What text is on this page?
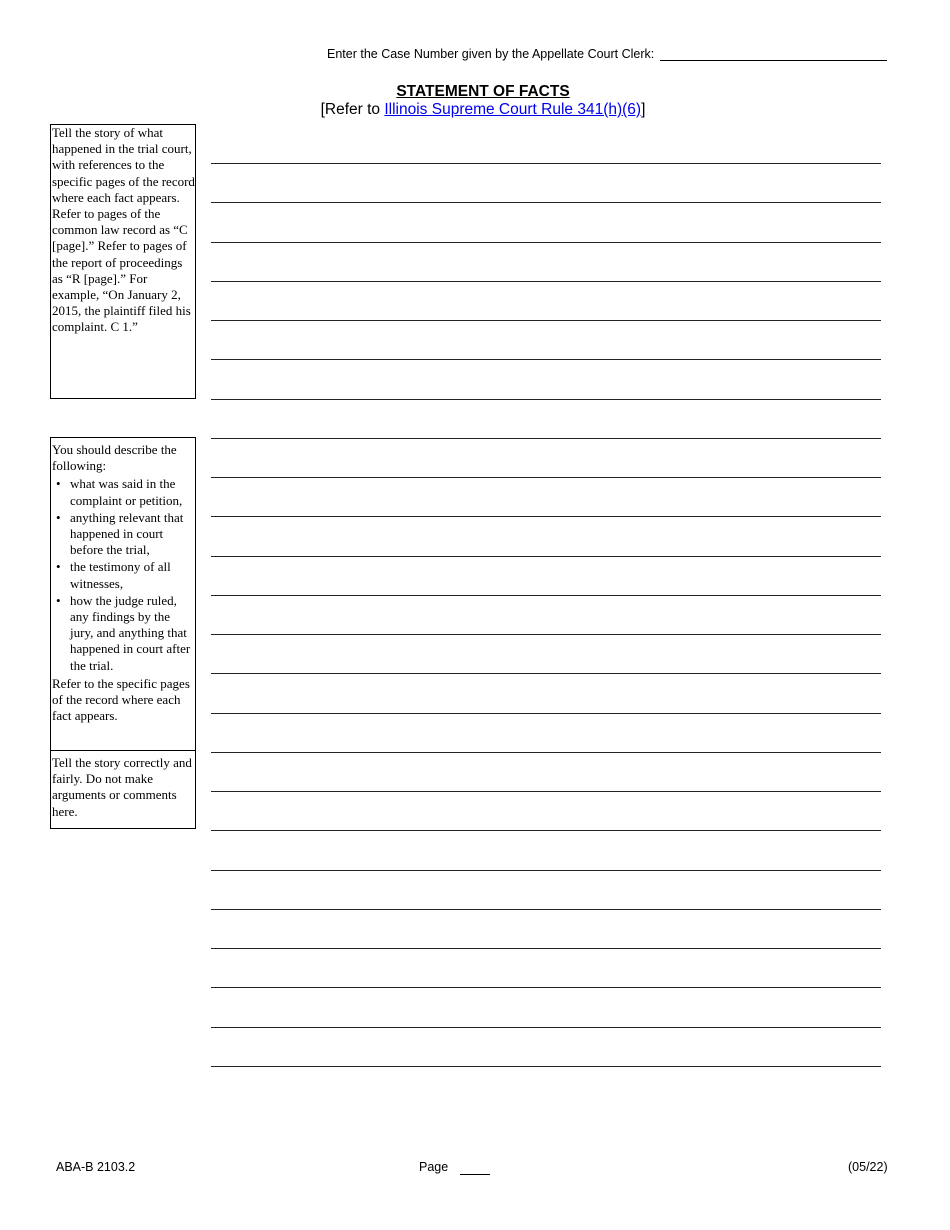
Enter the Case Number given by the Appellate Court Clerk:
STATEMENT OF FACTS
[Refer to Illinois Supreme Court Rule 341(h)(6)]
Tell the story of what happened in the trial court, with references to the specific pages of the record where each fact appears. Refer to pages of the common law record as “C [page].” Refer to pages of the report of proceedings as “R [page].” For example, “On January 2, 2015, the plaintiff filed his complaint. C 1.”
You should describe the following:
• what was said in the complaint or petition,
• anything relevant that happened in court before the trial,
• the testimony of all witnesses,
• how the judge ruled, any findings by the jury, and anything that happened in court after the trial.
Refer to the specific pages of the record where each fact appears.
Tell the story correctly and fairly. Do not make arguments or comments here.
ABA-B 2103.2	Page	(05/22)
